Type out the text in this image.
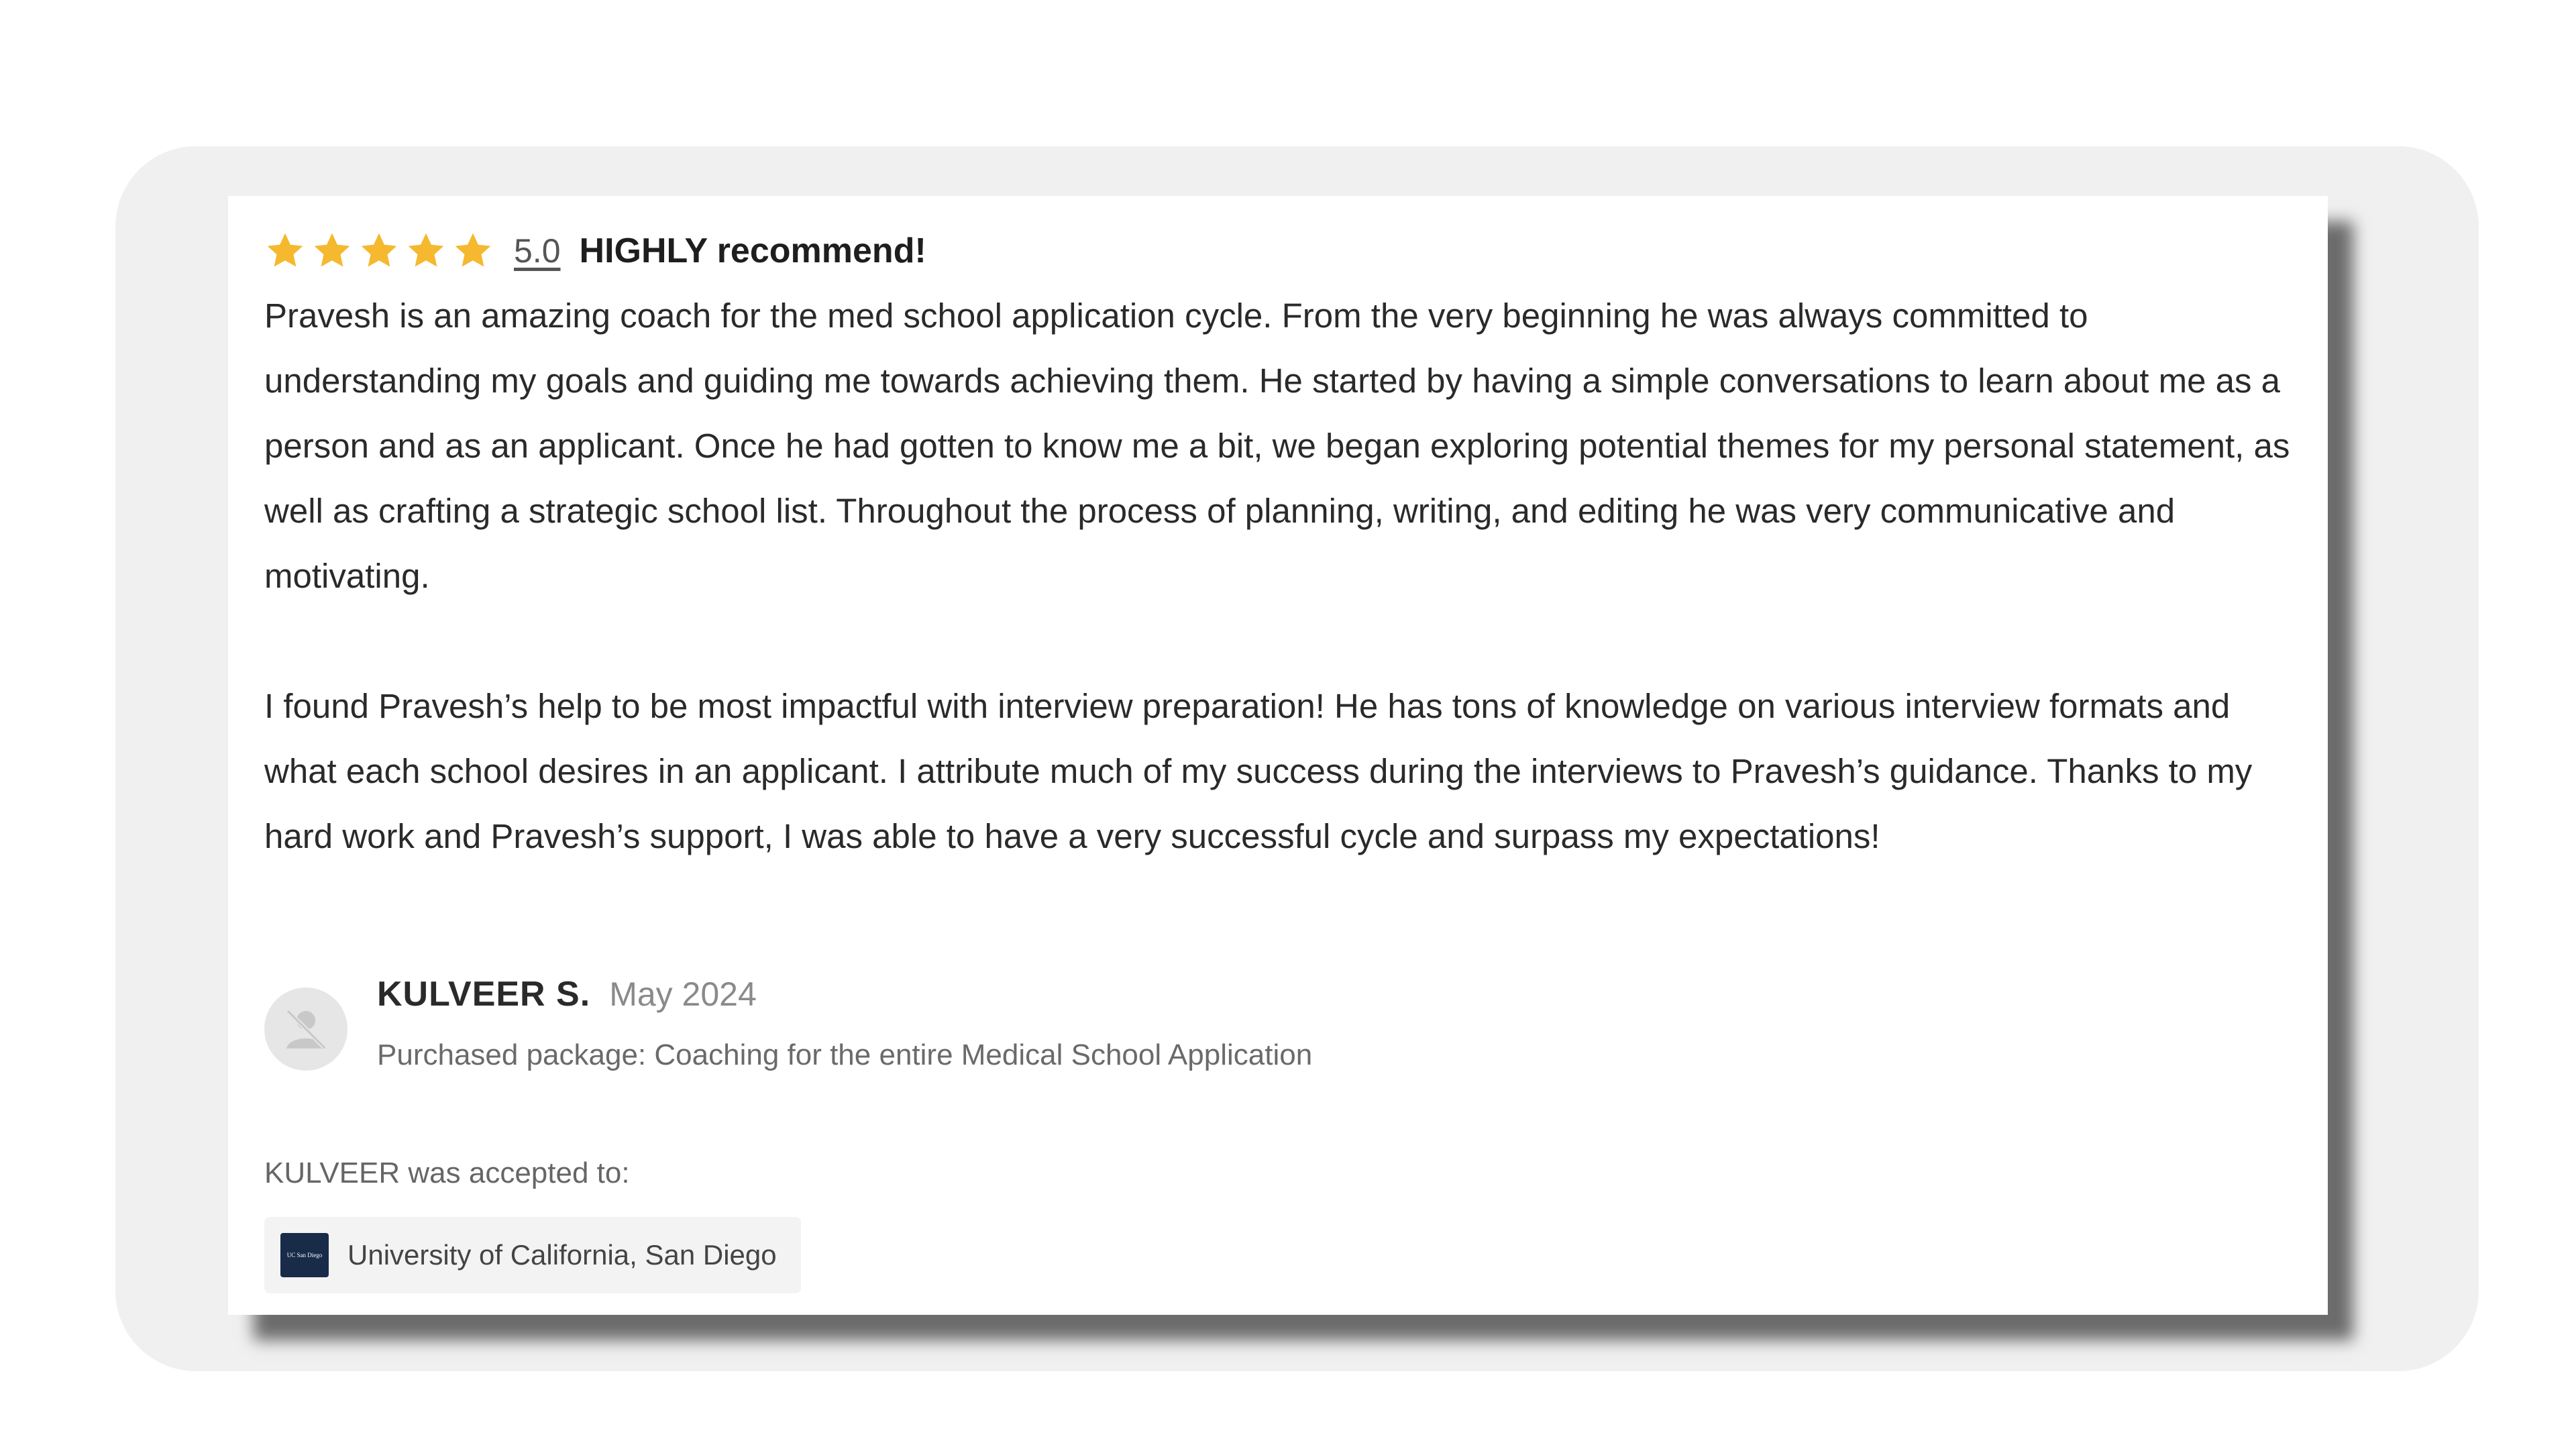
5.0 HIGHLY recommend!

Pravesh is an amazing coach for the med school application cycle. From the very beginning he was always committed to understanding my goals and guiding me towards achieving them. He started by having a simple conversations to learn about me as a person and as an applicant. Once he had gotten to know me a bit, we began exploring potential themes for my personal statement, as well as crafting a strategic school list. Throughout the process of planning, writing, and editing he was very communicative and motivating.

I found Pravesh’s help to be most impactful with interview preparation! He has tons of knowledge on various interview formats and what each school desires in an applicant. I attribute much of my success during the interviews to Pravesh’s guidance. Thanks to my hard work and Pravesh’s support, I was able to have a very successful cycle and surpass my expectations!

KULVEER S. May 2024
Purchased package: Coaching for the entire Medical School Application
KULVEER was accepted to:
UC San Diego University of California, San Diego
